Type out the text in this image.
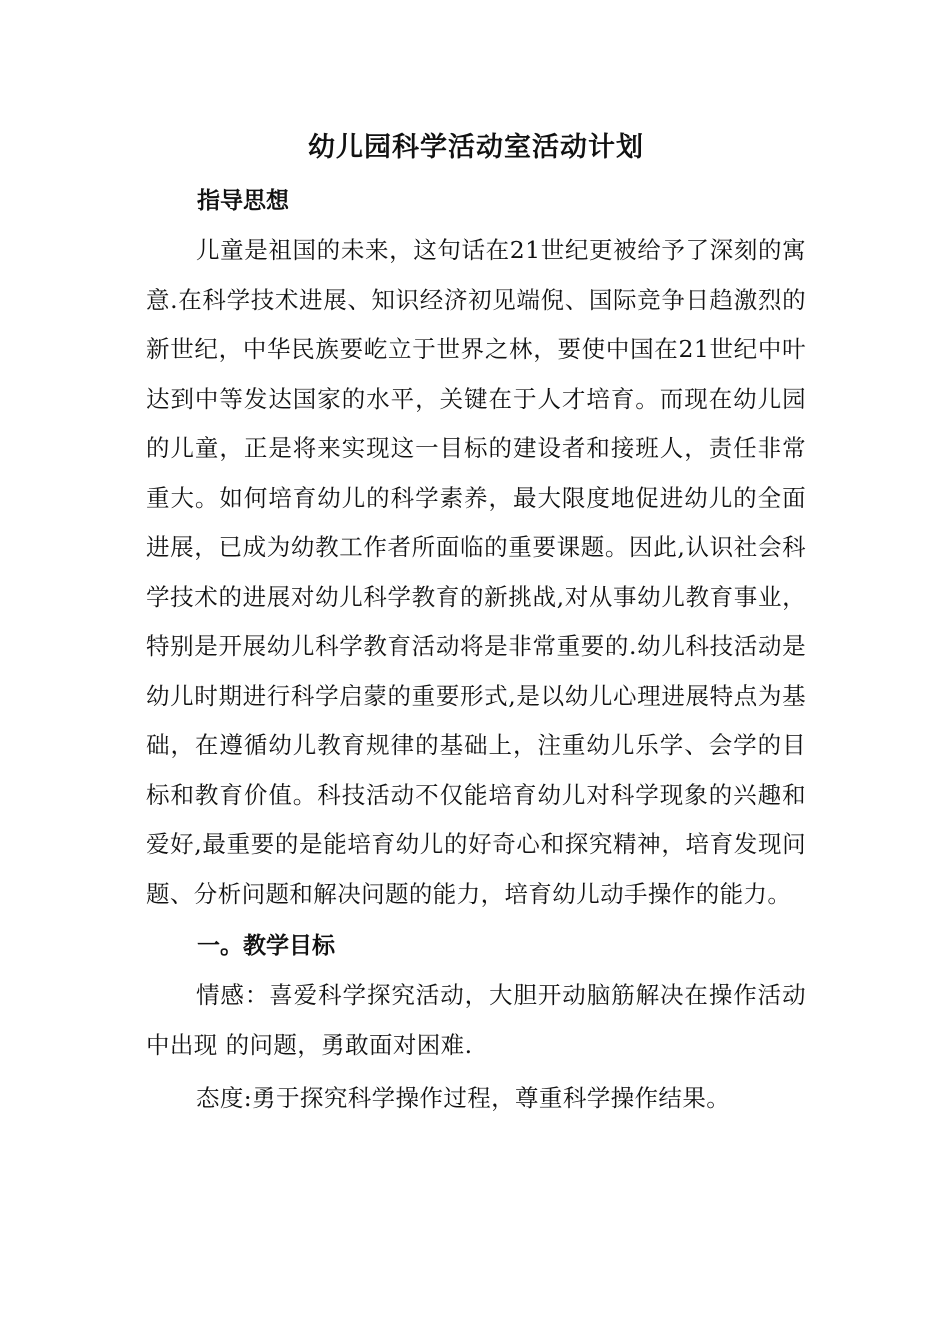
幼儿园科学活动室活动计划
指导思想

儿童是祖国的未来，这句话在21世纪更被给予了深刻的寓意.在科学技术进展、知识经济初见端倪、国际竞争日趋激烈的新世纪，中华民族要屹立于世界之林，要使中国在21世纪中叶达到中等发达国家的水平，关键在于人才培育。而现在幼儿园的儿童，正是将来实现这一目标的建设者和接班人，责任非常重大。如何培育幼儿的科学素养，最大限度地促进幼儿的全面进展，已成为幼教工作者所面临的重要课题。因此,认识社会科学技术的进展对幼儿科学教育的新挑战,对从事幼儿教育事业，特别是开展幼儿科学教育活动将是非常重要的.幼儿科技活动是幼儿时期进行科学启蒙的重要形式,是以幼儿心理进展特点为基础，在遵循幼儿教育规律的基础上，注重幼儿乐学、会学的目标和教育价值。科技活动不仅能培育幼儿对科学现象的兴趣和爱好,最重要的是能培育幼儿的好奇心和探究精神，培育发现问题、分析问题和解决问题的能力，培育幼儿动手操作的能力。

一。教学目标

情感：喜爱科学探究活动，大胆开动脑筋解决在操作活动中出现 的问题，勇敢面对困难.

态度:勇于探究科学操作过程，尊重科学操作结果。
